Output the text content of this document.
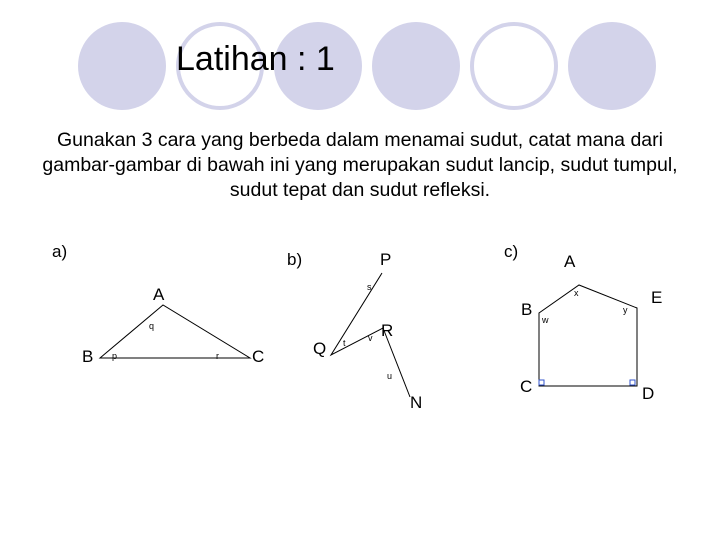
Latihan : 1
Gunakan 3 cara yang berbeda dalam menamai sudut, catat mana dari gambar-gambar di bawah ini yang merupakan sudut lancip, sudut tumpul, sudut tepat dan sudut refleksi.
a)
A
B	C
p
q
r
b)	P
Q
R
N
s
t v
u
c)
A
B
C	D
E
w
x
y
